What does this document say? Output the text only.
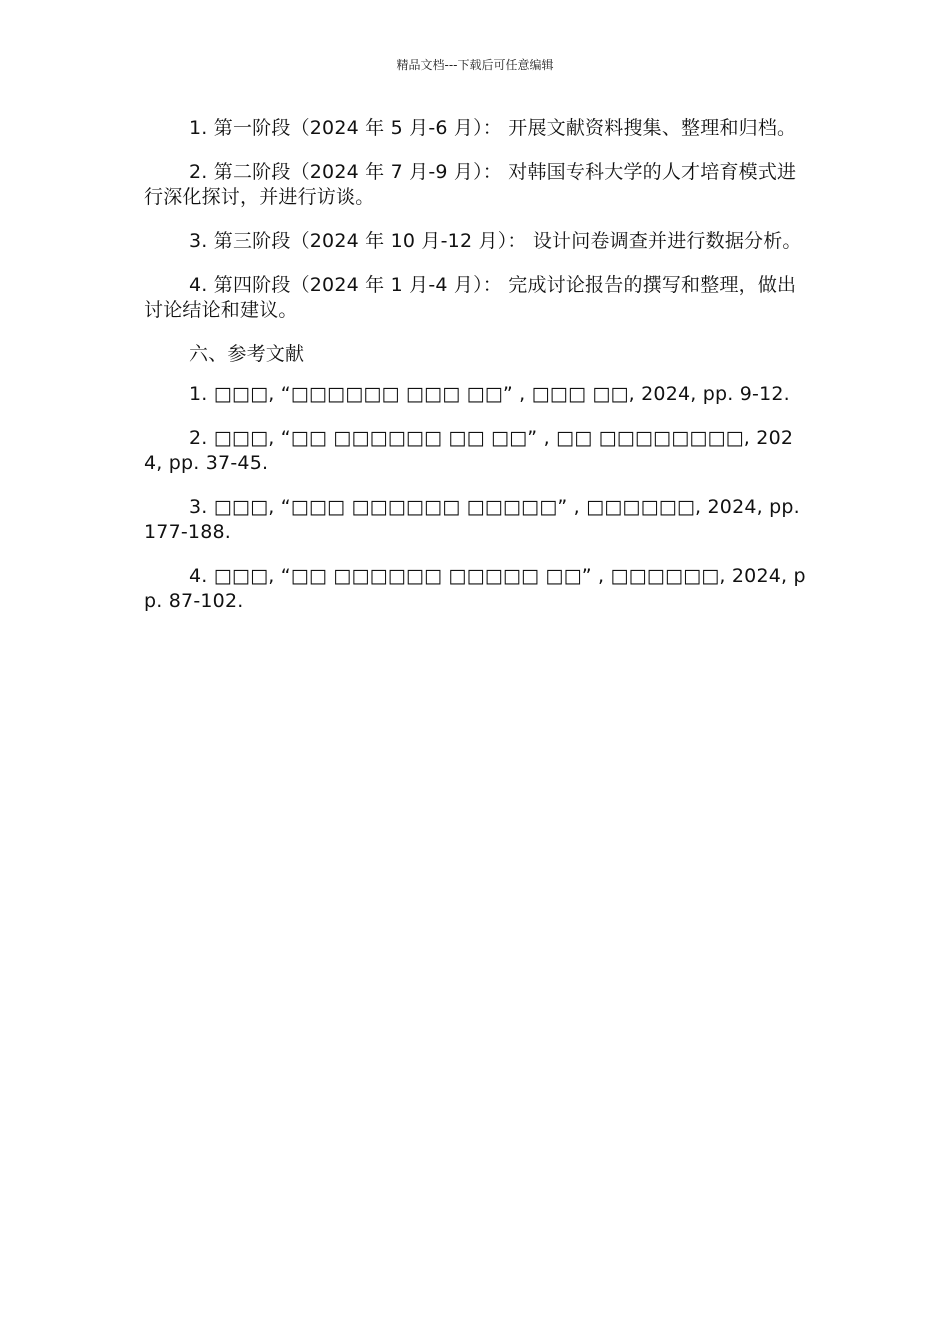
精品文档---下载后可任意编辑

1. 第一阶段（2024 年 5 月-6 月）： 开展文献资料搜集、整理和归档。

2. 第二阶段（2024 年 7 月-9 月）： 对韩国专科大学的人才培育模式进行深化探讨，并进行访谈。

3. 第三阶段（2024 年 10 月-12 月）： 设计问卷调查并进行数据分析。

4. 第四阶段（2024 年 1 月-4 月）： 完成讨论报告的撰写和整理，做出讨论结论和建议。

六、参考文献

1. □□□, “□□□□□□ □□□ □□” , □□□ □□, 2024, pp. 9-12.

2. □□□, “□□ □□□□□□ □□ □□” , □□ □□□□□□□□, 2024, pp. 37-45.

3. □□□, “□□□ □□□□□□ □□□□□” , □□□□□□, 2024, pp. 177-188.

4. □□□, “□□ □□□□□□ □□□□□ □□” , □□□□□□, 2024, pp. 87-102.
